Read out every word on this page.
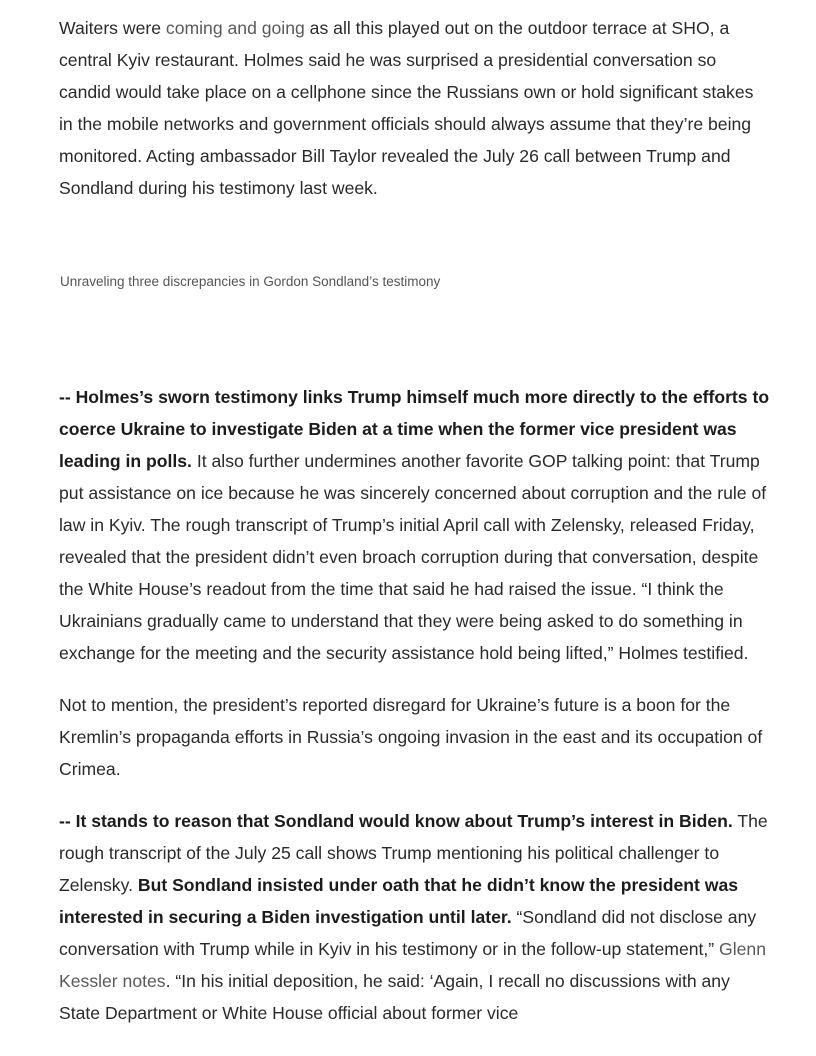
Waiters were coming and going as all this played out on the outdoor terrace at SHO, a central Kyiv restaurant. Holmes said he was surprised a presidential conversation so candid would take place on a cellphone since the Russians own or hold significant stakes in the mobile networks and government officials should always assume that they’re being monitored. Acting ambassador Bill Taylor revealed the July 26 call between Trump and Sondland during his testimony last week.

Unraveling three discrepancies in Gordon Sondland’s testimony

-- Holmes’s sworn testimony links Trump himself much more directly to the efforts to coerce Ukraine to investigate Biden at a time when the former vice president was leading in polls. It also further undermines another favorite GOP talking point: that Trump put assistance on ice because he was sincerely concerned about corruption and the rule of law in Kyiv. The rough transcript of Trump’s initial April call with Zelensky, released Friday, revealed that the president didn’t even broach corruption during that conversation, despite the White House’s readout from the time that said he had raised the issue. “I think the Ukrainians gradually came to understand that they were being asked to do something in exchange for the meeting and the security assistance hold being lifted,” Holmes testified.

Not to mention, the president’s reported disregard for Ukraine’s future is a boon for the Kremlin’s propaganda efforts in Russia’s ongoing invasion in the east and its occupation of Crimea.

-- It stands to reason that Sondland would know about Trump’s interest in Biden. The rough transcript of the July 25 call shows Trump mentioning his political challenger to Zelensky. But Sondland insisted under oath that he didn’t know the president was interested in securing a Biden investigation until later. “Sondland did not disclose any conversation with Trump while in Kyiv in his testimony or in the follow-up statement,” Glenn Kessler notes. “In his initial deposition, he said: ‘Again, I recall no discussions with any State Department or White House official about former vice
